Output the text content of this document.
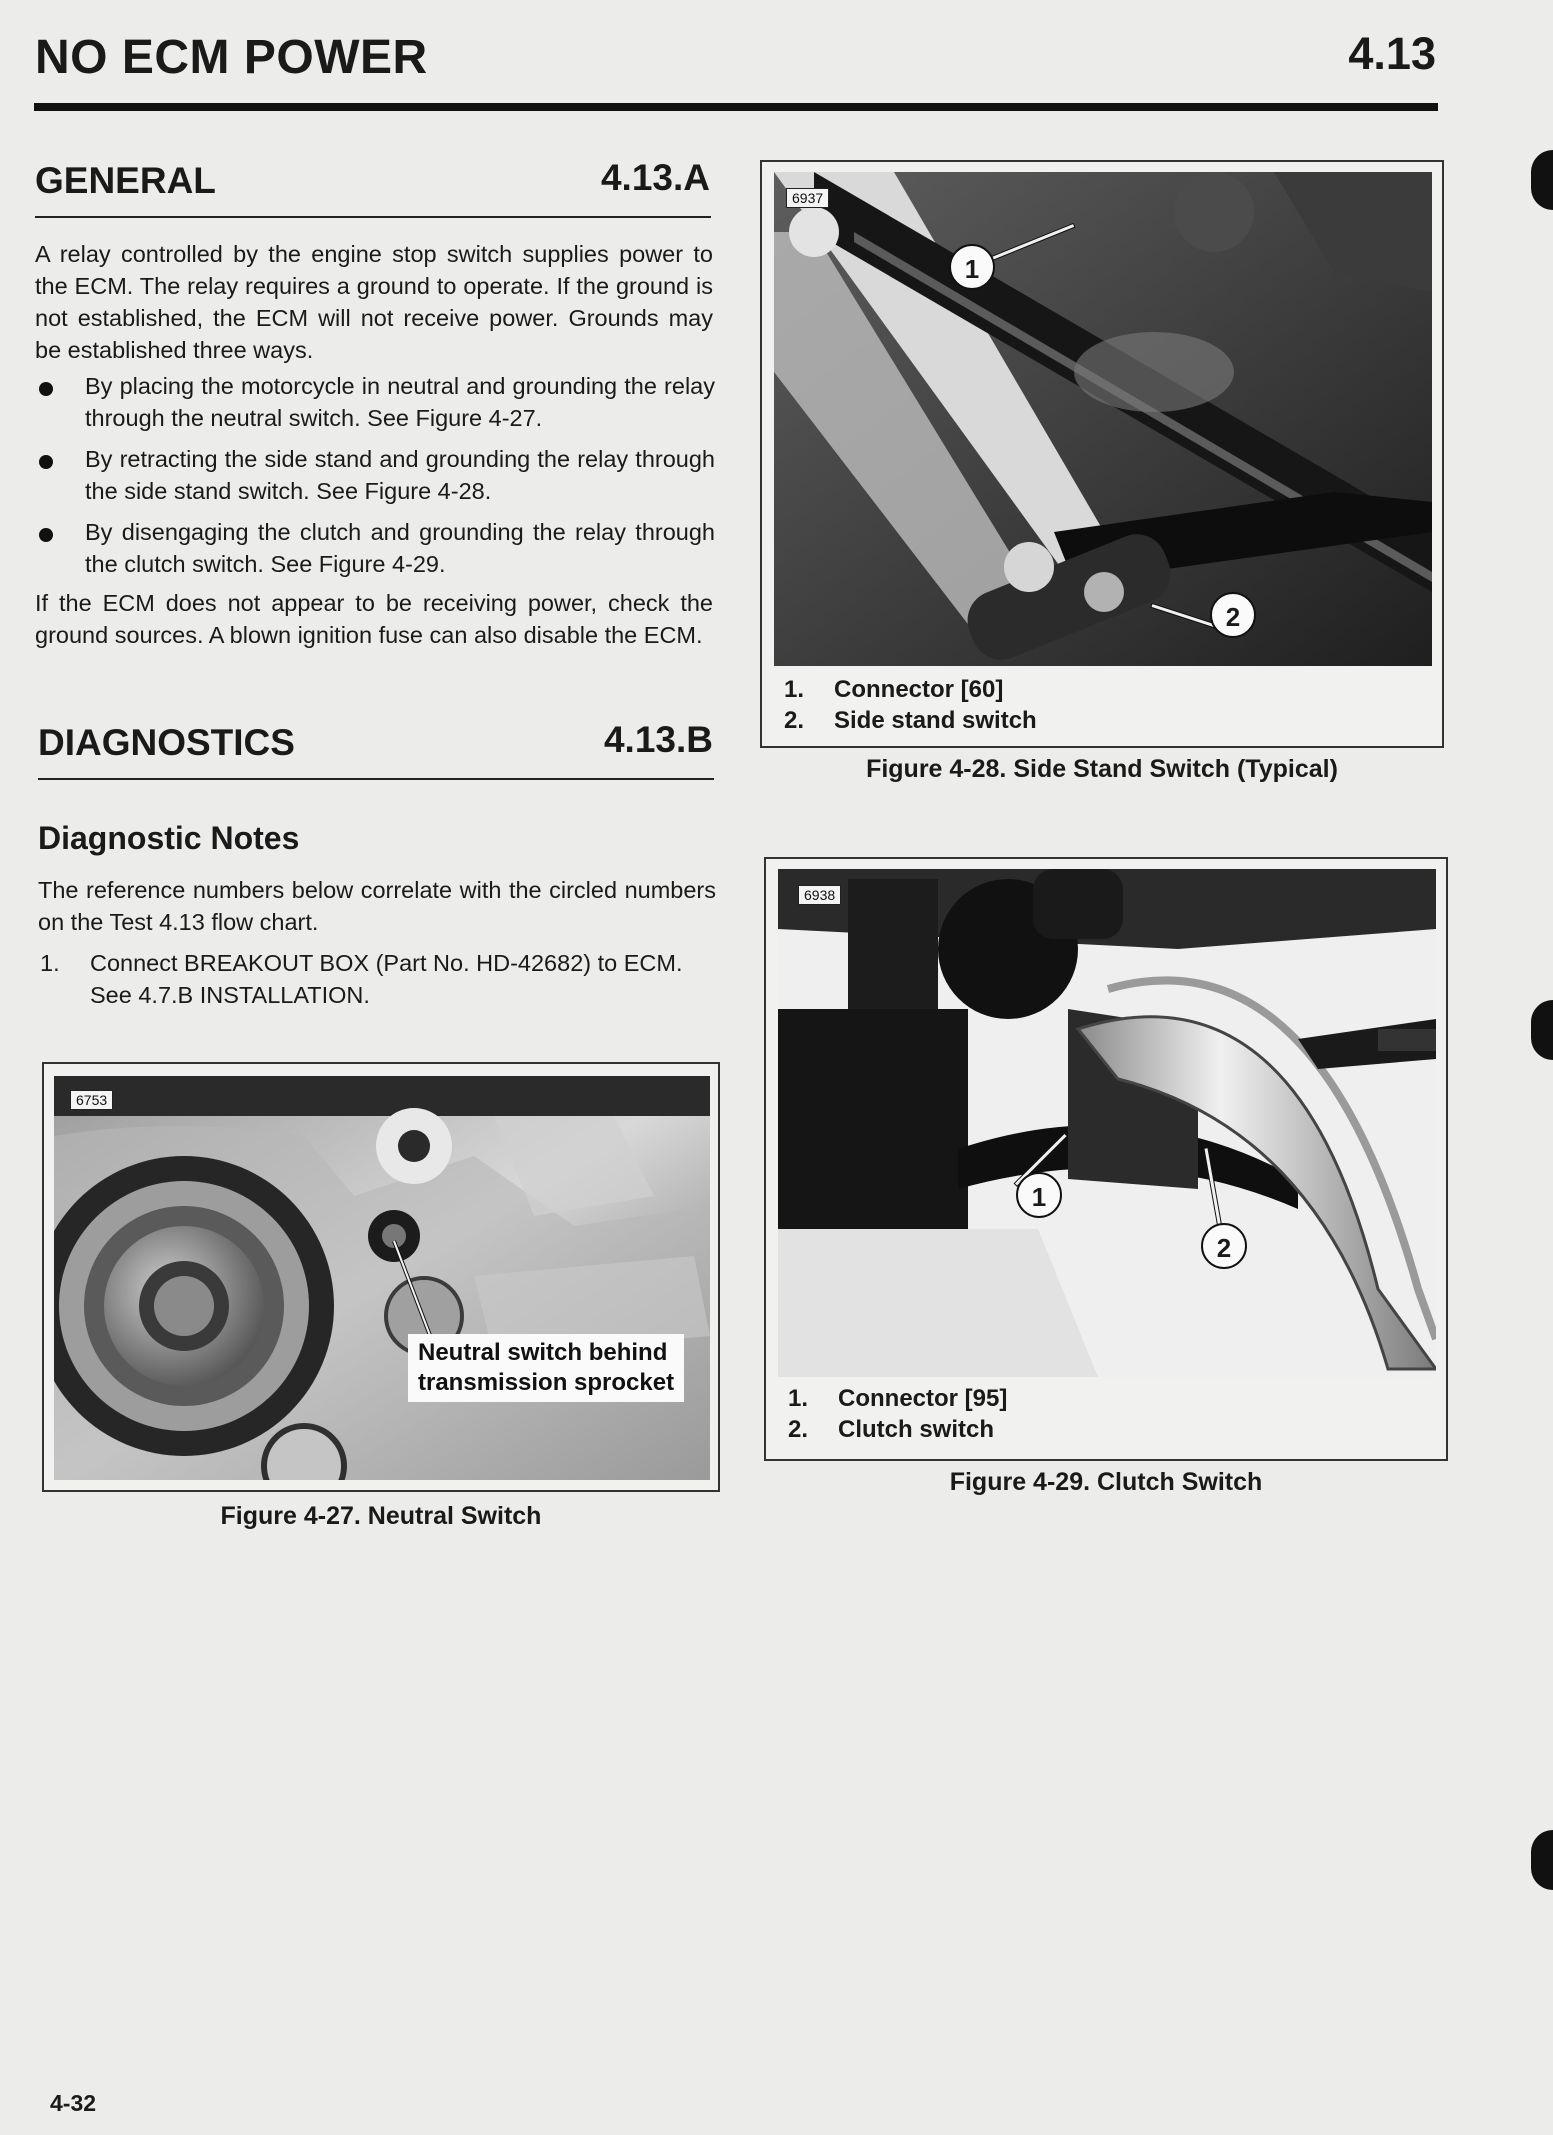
NO ECM POWER	4.13
GENERAL	4.13.A
A relay controlled by the engine stop switch supplies power to the ECM. The relay requires a ground to operate. If the ground is not established, the ECM will not receive power. Grounds may be established three ways.
By placing the motorcycle in neutral and grounding the relay through the neutral switch. See Figure 4-27.
By retracting the side stand and grounding the relay through the side stand switch. See Figure 4-28.
By disengaging the clutch and grounding the relay through the clutch switch. See Figure 4-29.
If the ECM does not appear to be receiving power, check the ground sources. A blown ignition fuse can also disable the ECM.
DIAGNOSTICS	4.13.B
Diagnostic Notes
The reference numbers below correlate with the circled numbers on the Test 4.13 flow chart.
1. Connect BREAKOUT BOX (Part No. HD-42682) to ECM. See 4.7.B INSTALLATION.
6753
Neutral switch behind
transmission sprocket
Figure 4-27. Neutral Switch
6937
1
2
1. Connector [60]
2. Side stand switch
Figure 4-28. Side Stand Switch (Typical)
6938
1
2
1. Connector [95]
2. Clutch switch
Figure 4-29. Clutch Switch
4-32
